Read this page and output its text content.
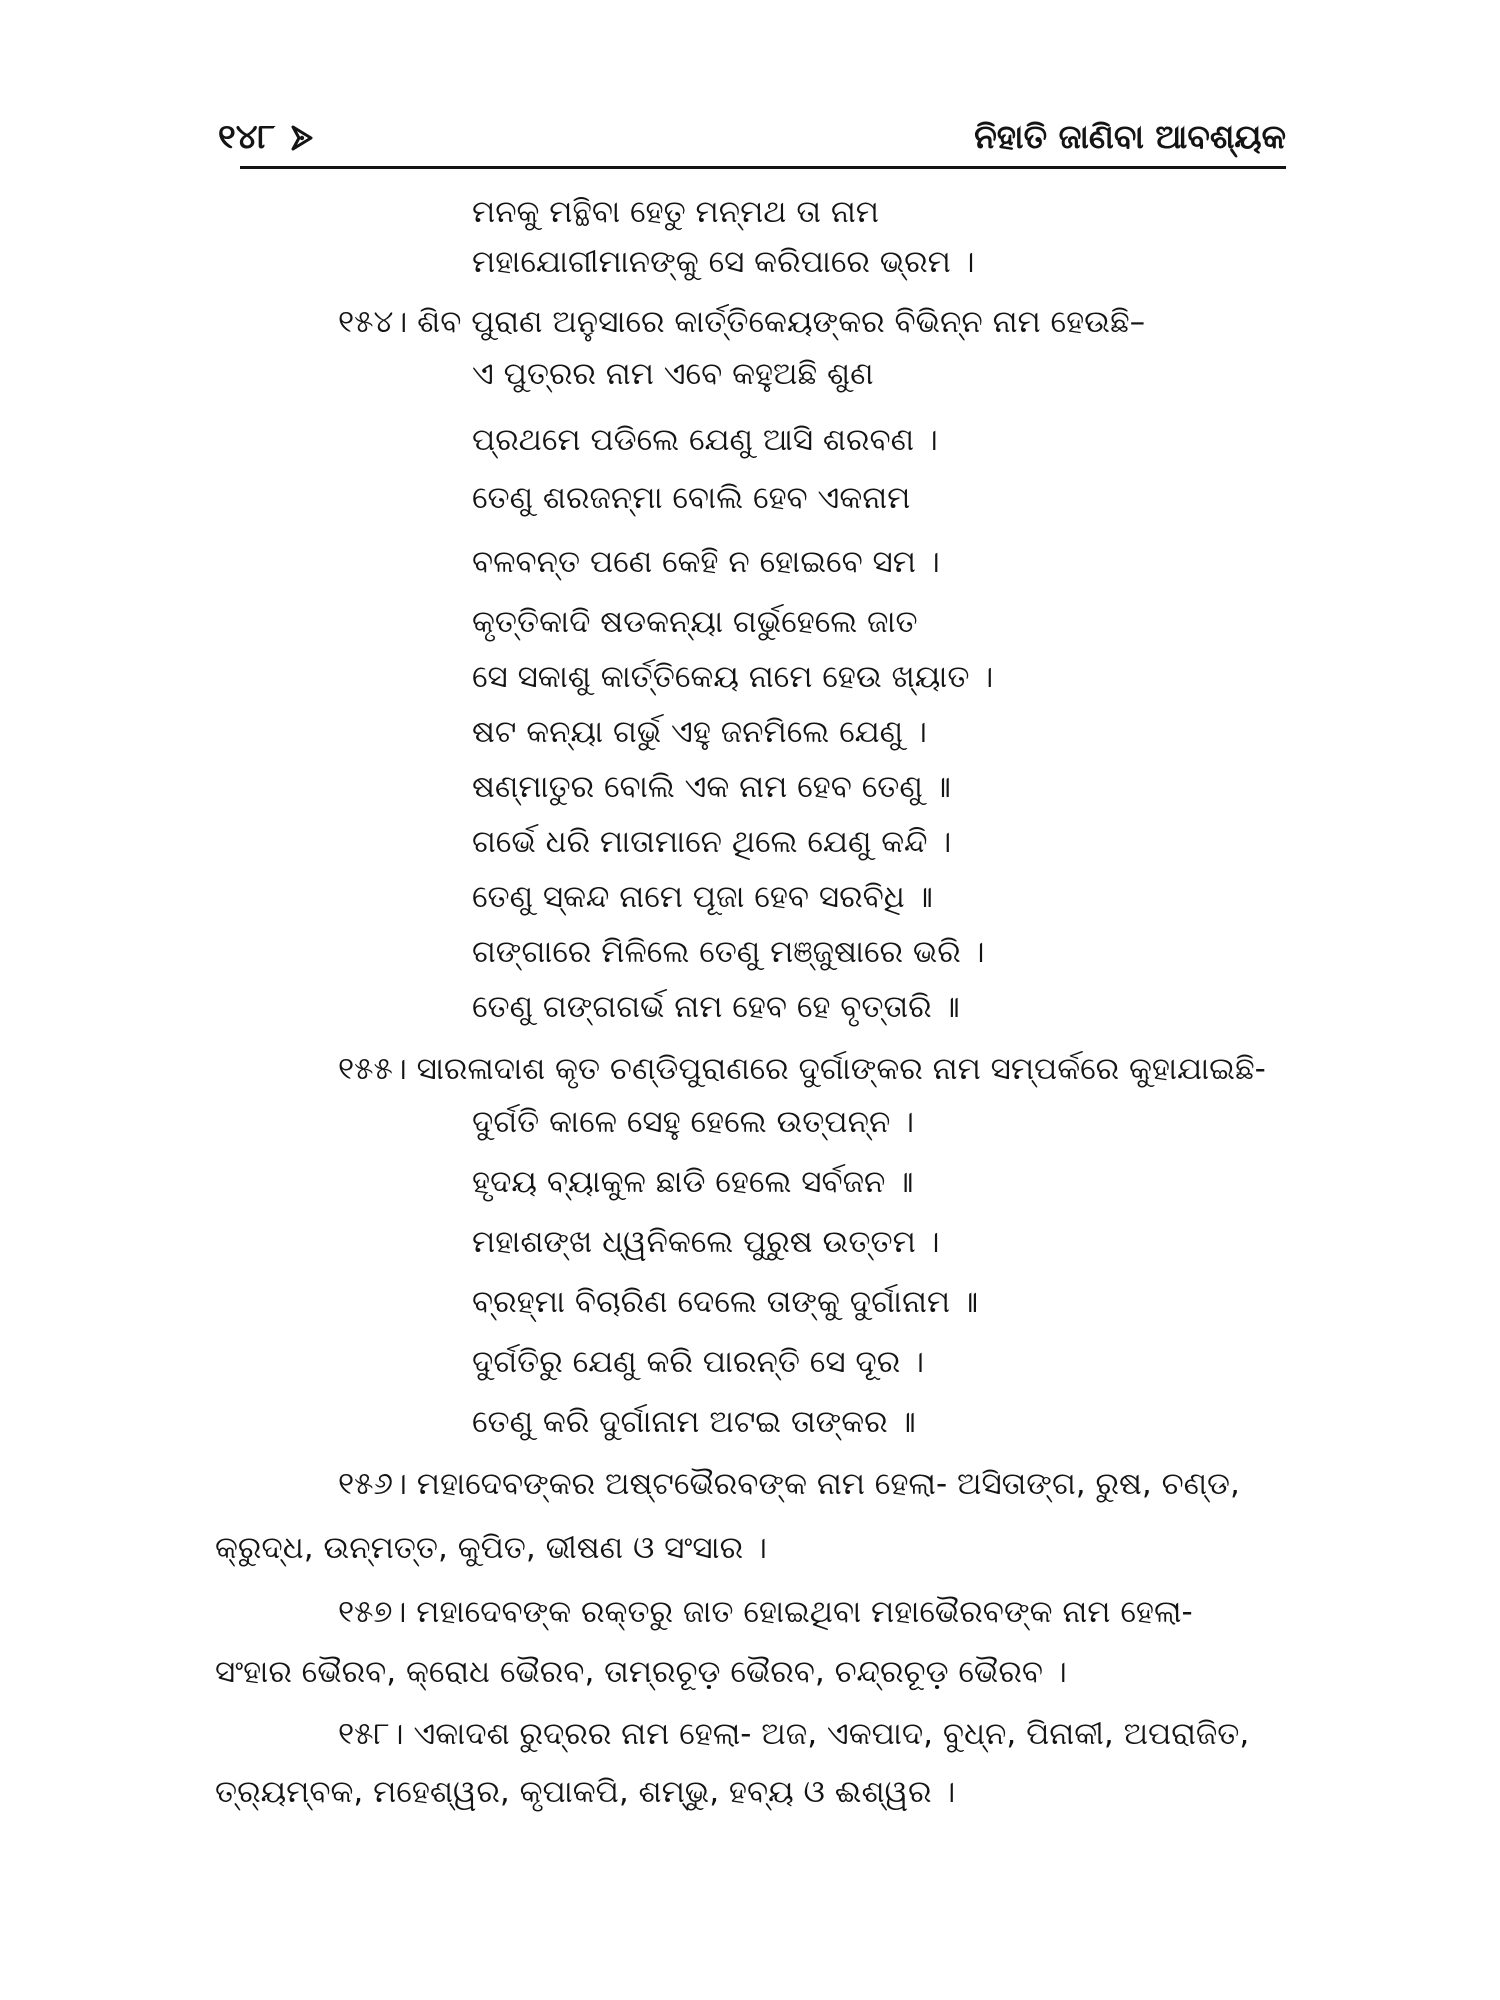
୧୪୮	ନିହାତି ଜାଣିବା ଆବଶ୍ୟକ
ମନକୁ ମନ୍ଥିବା ହେତୁ ମନ୍ମଥ ତା ନାମ
ମହାଯୋଗୀମାନଙ୍କୁ ସେ କରିପାରେ ଭ୍ରମ ।
୧୫୪। ଶିବ ପୁରାଣ ଅନୁସାରେ କାର୍ତ୍ତିକେୟଙ୍କର ବିଭିନ୍ନ ନାମ ହେଉଛି–
ଏ ପୁତ୍ରର ନାମ ଏବେ କହୁଅଛି ଶୁଣ
ପ୍ରଥମେ ପଡିଲେ ଯେଣୁ ଆସି ଶରବଣ ।
ତେଣୁ ଶରଜନ୍ମା ବୋଲି ହେବ ଏକନାମ
ବଳବନ୍ତ ପଣେ କେହି ନ ହୋଇବେ ସମ ।
କୃତ୍ତିକାଦି ଷଡକନ୍ୟା ଗର୍ଭୁହେଲେ ଜାତ
ସେ ସକାଶୁ କାର୍ତ୍ତିକେୟ ନାମେ ହେଉ ଖ୍ୟାତ ।
ଷଟ କନ୍ୟା ଗର୍ଭୁ ଏହୁ ଜନମିଲେ ଯେଣୁ ।
ଷଣ୍ମାତୁର ବୋଲି ଏକ ନାମ ହେବ ତେଣୁ ॥
ଗର୍ଭେ ଧରି ମାତାମାନେ ଥିଲେ ଯେଣୁ କନ୍ଦି ।
ତେଣୁ ସ୍କନ୍ଦ ନାମେ ପୂଜା ହେବ ସରବିଧି ॥
ଗଙ୍ଗାରେ ମିଳିଲେ ତେଣୁ ମଞ୍ଜୁଷାରେ ଭରି ।
ତେଣୁ ଗଙ୍ଗଗର୍ଭ ନାମ ହେବ ହେ ବୃତ୍ତାରି ॥
୧୫୫। ସାରଳାଦାଶ କୃତ ଚଣ୍ଡିପୁରାଣରେ ଦୁର୍ଗାଙ୍କର ନାମ ସମ୍ପର୍କରେ କୁହାଯାଇଛି-
ଦୁର୍ଗତି କାଳେ ସେହୁ ହେଲେ ଉତ୍ପନ୍ନ ।
ହୃଦୟ ବ୍ୟାକୁଳ ଛାଡି ହେଲେ ସର୍ବଜନ ॥
ମହାଶଙ୍ଖ ଧ୍ୱନିକଲେ ପୁରୁଷ ଉତ୍ତମ ।
ବ୍ରହ୍ମା ବିଚାରିଣ ଦେଲେ ତାଙ୍କୁ ଦୁର୍ଗାନାମ ॥
ଦୁର୍ଗତିରୁ ଯେଣୁ କରି ପାରନ୍ତି ସେ ଦୂର ।
ତେଣୁ କରି ଦୁର୍ଗାନାମ ଅଟଇ ତାଙ୍କର ॥
୧୫୬। ମହାଦେବଙ୍କର ଅଷ୍ଟଭୈରବଙ୍କ ନାମ ହେଲା- ଅସିତାଙ୍ଗ, ରୁଷ, ଚଣ୍ଡ,
କ୍ରୁଦ୍ଧ, ଉନ୍ମତ୍ତ, କୁପିତ, ଭୀଷଣ ଓ ସଂସାର ।
୧୫୭। ମହାଦେବଙ୍କ ରକ୍ତରୁ ଜାତ ହୋଇଥିବା ମହାଭୈରବଙ୍କ ନାମ ହେଲା-
ସଂହାର ଭୈରବ, କ୍ରୋଧ ଭୈରବ, ତାମ୍ରଚୂଡ଼ ଭୈରବ, ଚନ୍ଦ୍ରଚୂଡ଼ ଭୈରବ ।
୧୫୮। ଏକାଦଶ ରୁଦ୍ରର ନାମ ହେଲା- ଅଜ, ଏକପାଦ, ବୁଧ୍ନ, ପିନାକୀ, ଅପରାଜିତ,
ତ୍ର୍ୟମ୍ବକ, ମହେଶ୍ୱର, କୃପାକପି, ଶମ୍ଭୁ, ହବ୍ୟ ଓ ଈଶ୍ୱର ।
